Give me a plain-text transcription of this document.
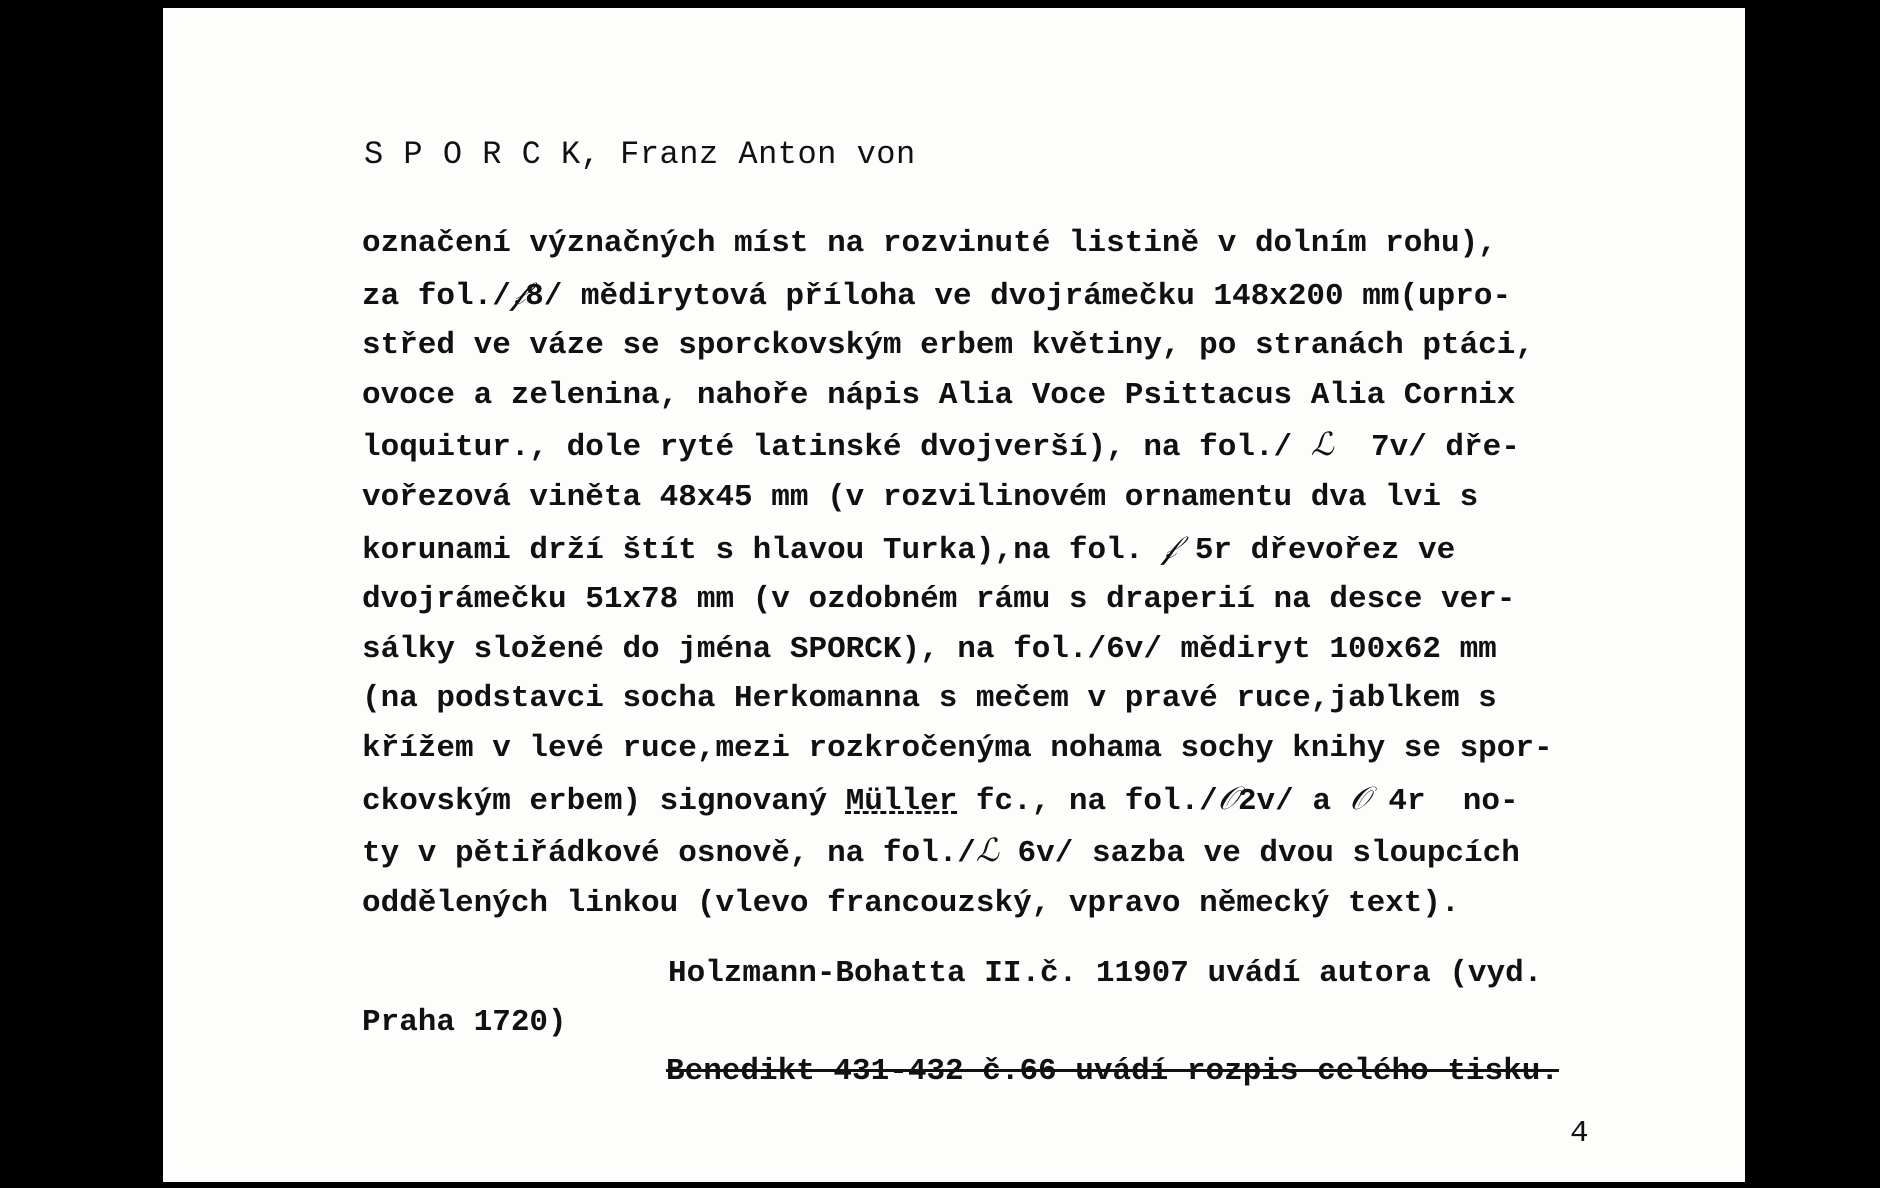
S P O R C K, Franz Anton von
označení význačných míst na rozvinuté listině v dolním rohu),
za fol./𝒻8/ mědirytová příloha ve dvojrámečku 148x200 mm(upro-
střed ve váze se sporckovským erbem květiny, po stranách ptáci,
ovoce a zelenina, nahoře nápis Alia Voce Psittacus Alia Cornix
loquitur., dole ryté latinské dvojverší), na fol./ ℒ  7v/ dře-
vořezová viněta 48x45 mm (v rozvilinovém ornamentu dva lvi s
korunami drží štít s hlavou Turka),na fol. 𝒻 5r dřevořez ve
dvojrámečku 51x78 mm (v ozdobném rámu s draperií na desce ver-
sálky složené do jména SPORCK), na fol./6v/ mědiryt 100x62 mm
(na podstavci socha Herkomanna s mečem v pravé ruce,jablkem s
křížem v levé ruce,mezi rozkročenýma nohama sochy knihy se spor-
ckovským erbem) signovaný Müller fc., na fol./𝒪2v/ a 𝒪 4r  no-
ty v pětiřádkové osnově, na fol./ℒ 6v/ sazba ve dvou sloupcích
oddělených linkou (vlevo francouzský, vpravo německý text).
Holzmann-Bohatta II.č. 11907 uvádí autora (vyd.
Praha 1720)
Benedikt 431-432 č.66 uvádí rozpis celého tisku.
4
